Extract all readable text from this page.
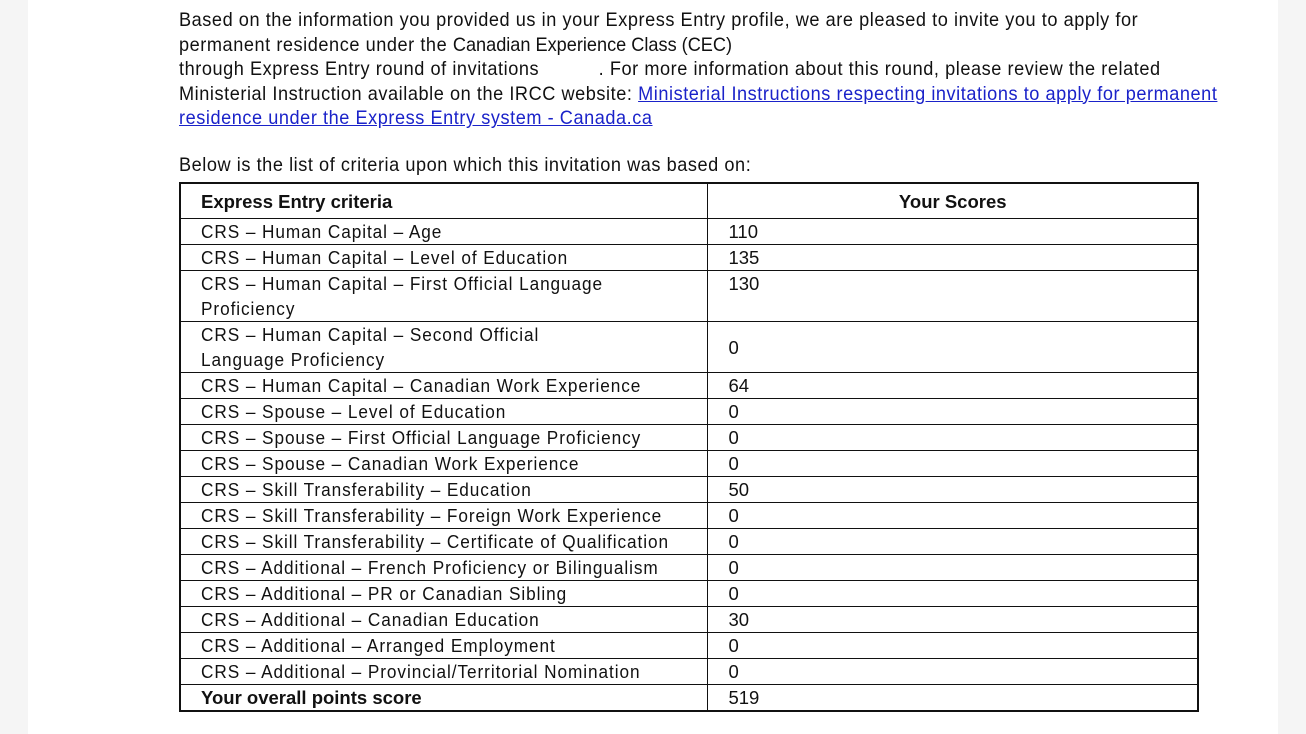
Based on the information you provided us in your Express Entry profile, we are pleased to invite you to apply for
permanent residence under the Canadian Experience Class (CEC)
through Express Entry round of invitations	. For more information about this round, please review the related
Ministerial Instruction available on the IRCC website: Ministerial Instructions respecting invitations to apply for permanent residence under the Express Entry system - Canada.ca

Below is the list of criteria upon which this invitation was based on:

Express Entry criteria	Your Scores
CRS – Human Capital – Age	110
CRS – Human Capital – Level of Education	135

CRS – Human Capital – First Official Language Proficiency	130

CRS – Human Capital – Second Official Language Proficiency	0
CRS – Human Capital – Canadian Work Experience	64
CRS – Spouse – Level of Education	0
CRS – Spouse – First Official Language Proficiency	0
CRS – Spouse – Canadian Work Experience	0
CRS – Skill Transferability – Education	50
CRS – Skill Transferability – Foreign Work Experience	0
CRS – Skill Transferability – Certificate of Qualification	0
CRS – Additional – French Proficiency or Bilingualism	0
CRS – Additional – PR or Canadian Sibling	0
CRS – Additional – Canadian Education	30
CRS – Additional – Arranged Employment	0
CRS – Additional – Provincial/Territorial Nomination	0
Your overall points score	519
